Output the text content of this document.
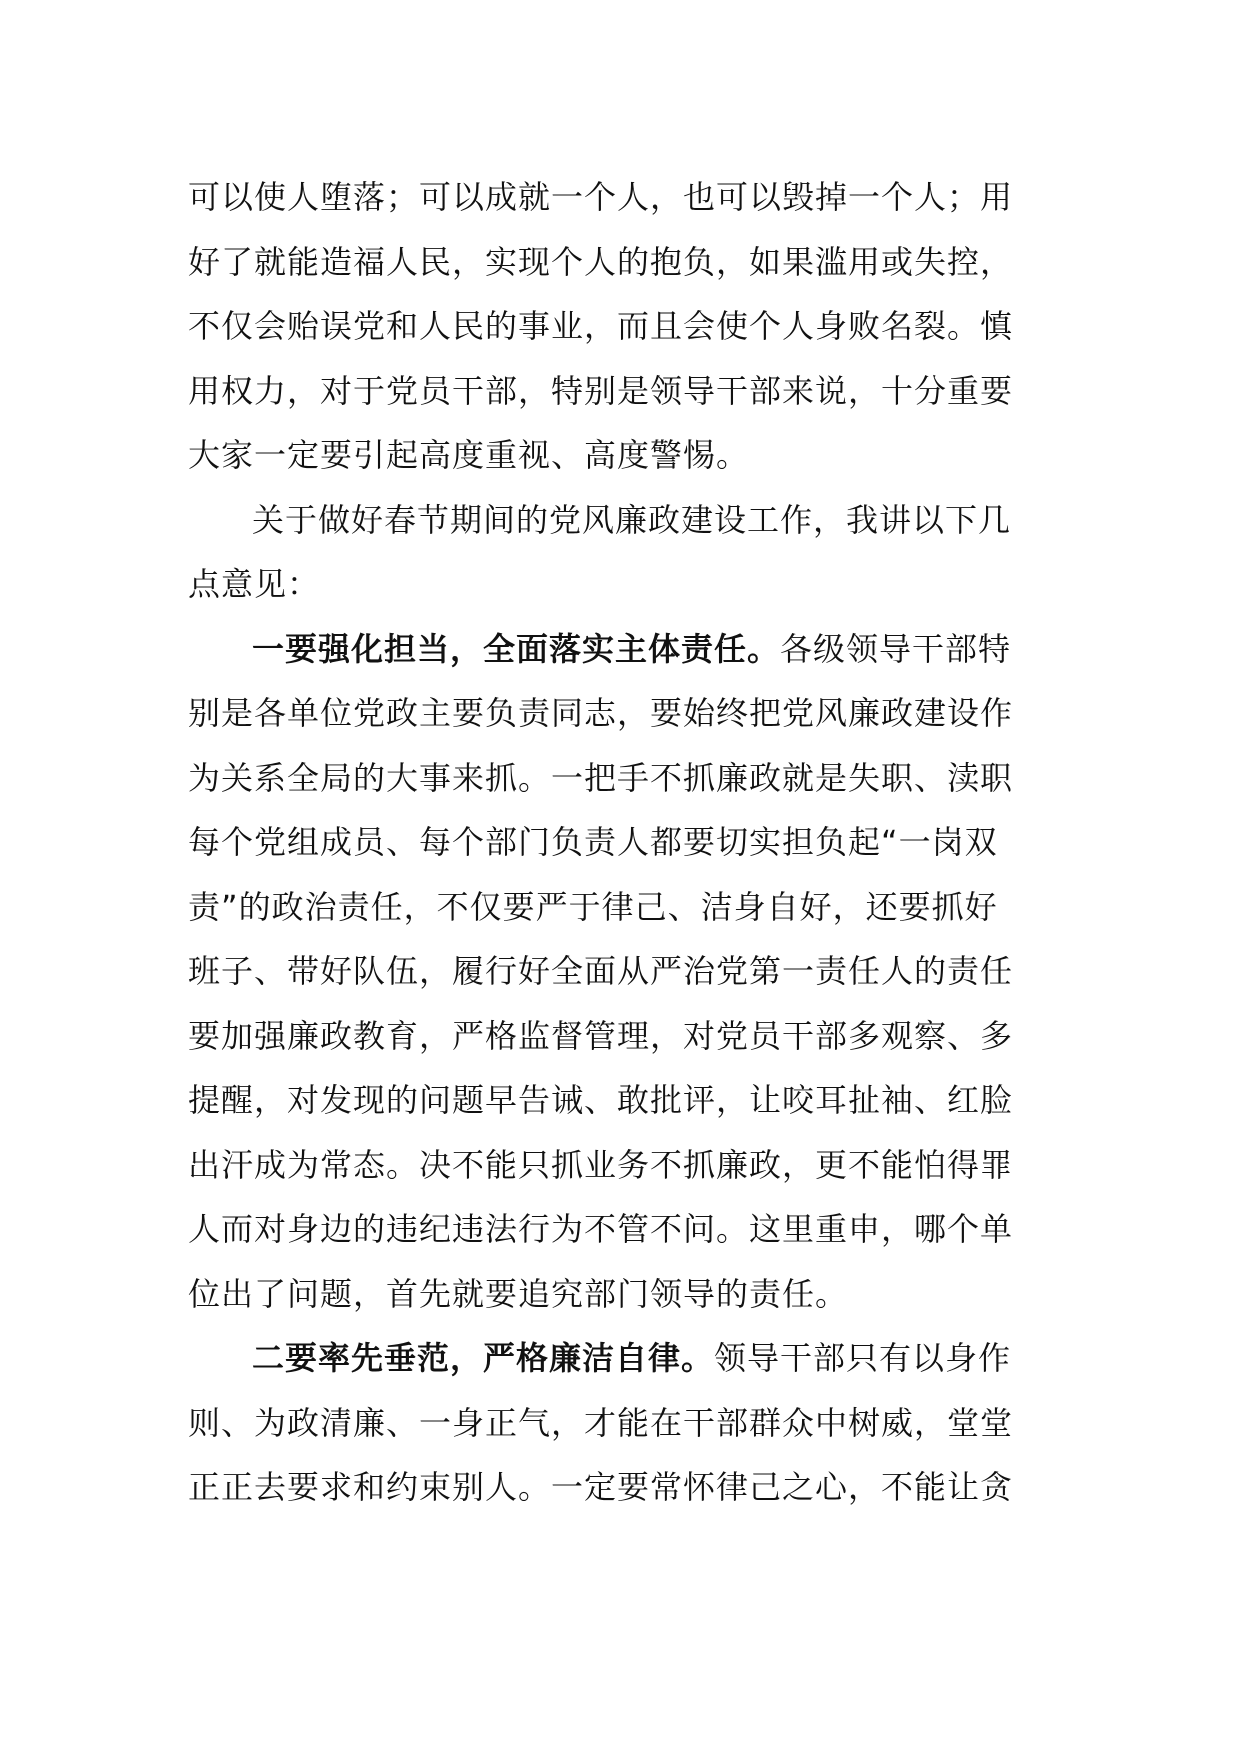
可以使人堕落；可以成就一个人，也可以毁掉一个人；用
好了就能造福人民，实现个人的抱负，如果滥用或失控，
不仅会贻误党和人民的事业，而且会使个人身败名裂。慎
用权力，对于党员干部，特别是领导干部来说，十分重要
大家一定要引起高度重视、高度警惕。
关于做好春节期间的党风廉政建设工作，我讲以下几
点意见：
一要强化担当，全面落实主体责任。各级领导干部特
别是各单位党政主要负责同志，要始终把党风廉政建设作
为关系全局的大事来抓。一把手不抓廉政就是失职、渎职
每个党组成员、每个部门负责人都要切实担负起“一岗双
责”的政治责任，不仅要严于律己、洁身自好，还要抓好
班子、带好队伍，履行好全面从严治党第一责任人的责任
要加强廉政教育，严格监督管理，对党员干部多观察、多
提醒，对发现的问题早告诫、敢批评，让咬耳扯袖、红脸
出汗成为常态。决不能只抓业务不抓廉政，更不能怕得罪
人而对身边的违纪违法行为不管不问。这里重申，哪个单
位出了问题，首先就要追究部门领导的责任。
二要率先垂范，严格廉洁自律。领导干部只有以身作
则、为政清廉、一身正气，才能在干部群众中树威，堂堂
正正去要求和约束别人。一定要常怀律己之心，不能让贪
